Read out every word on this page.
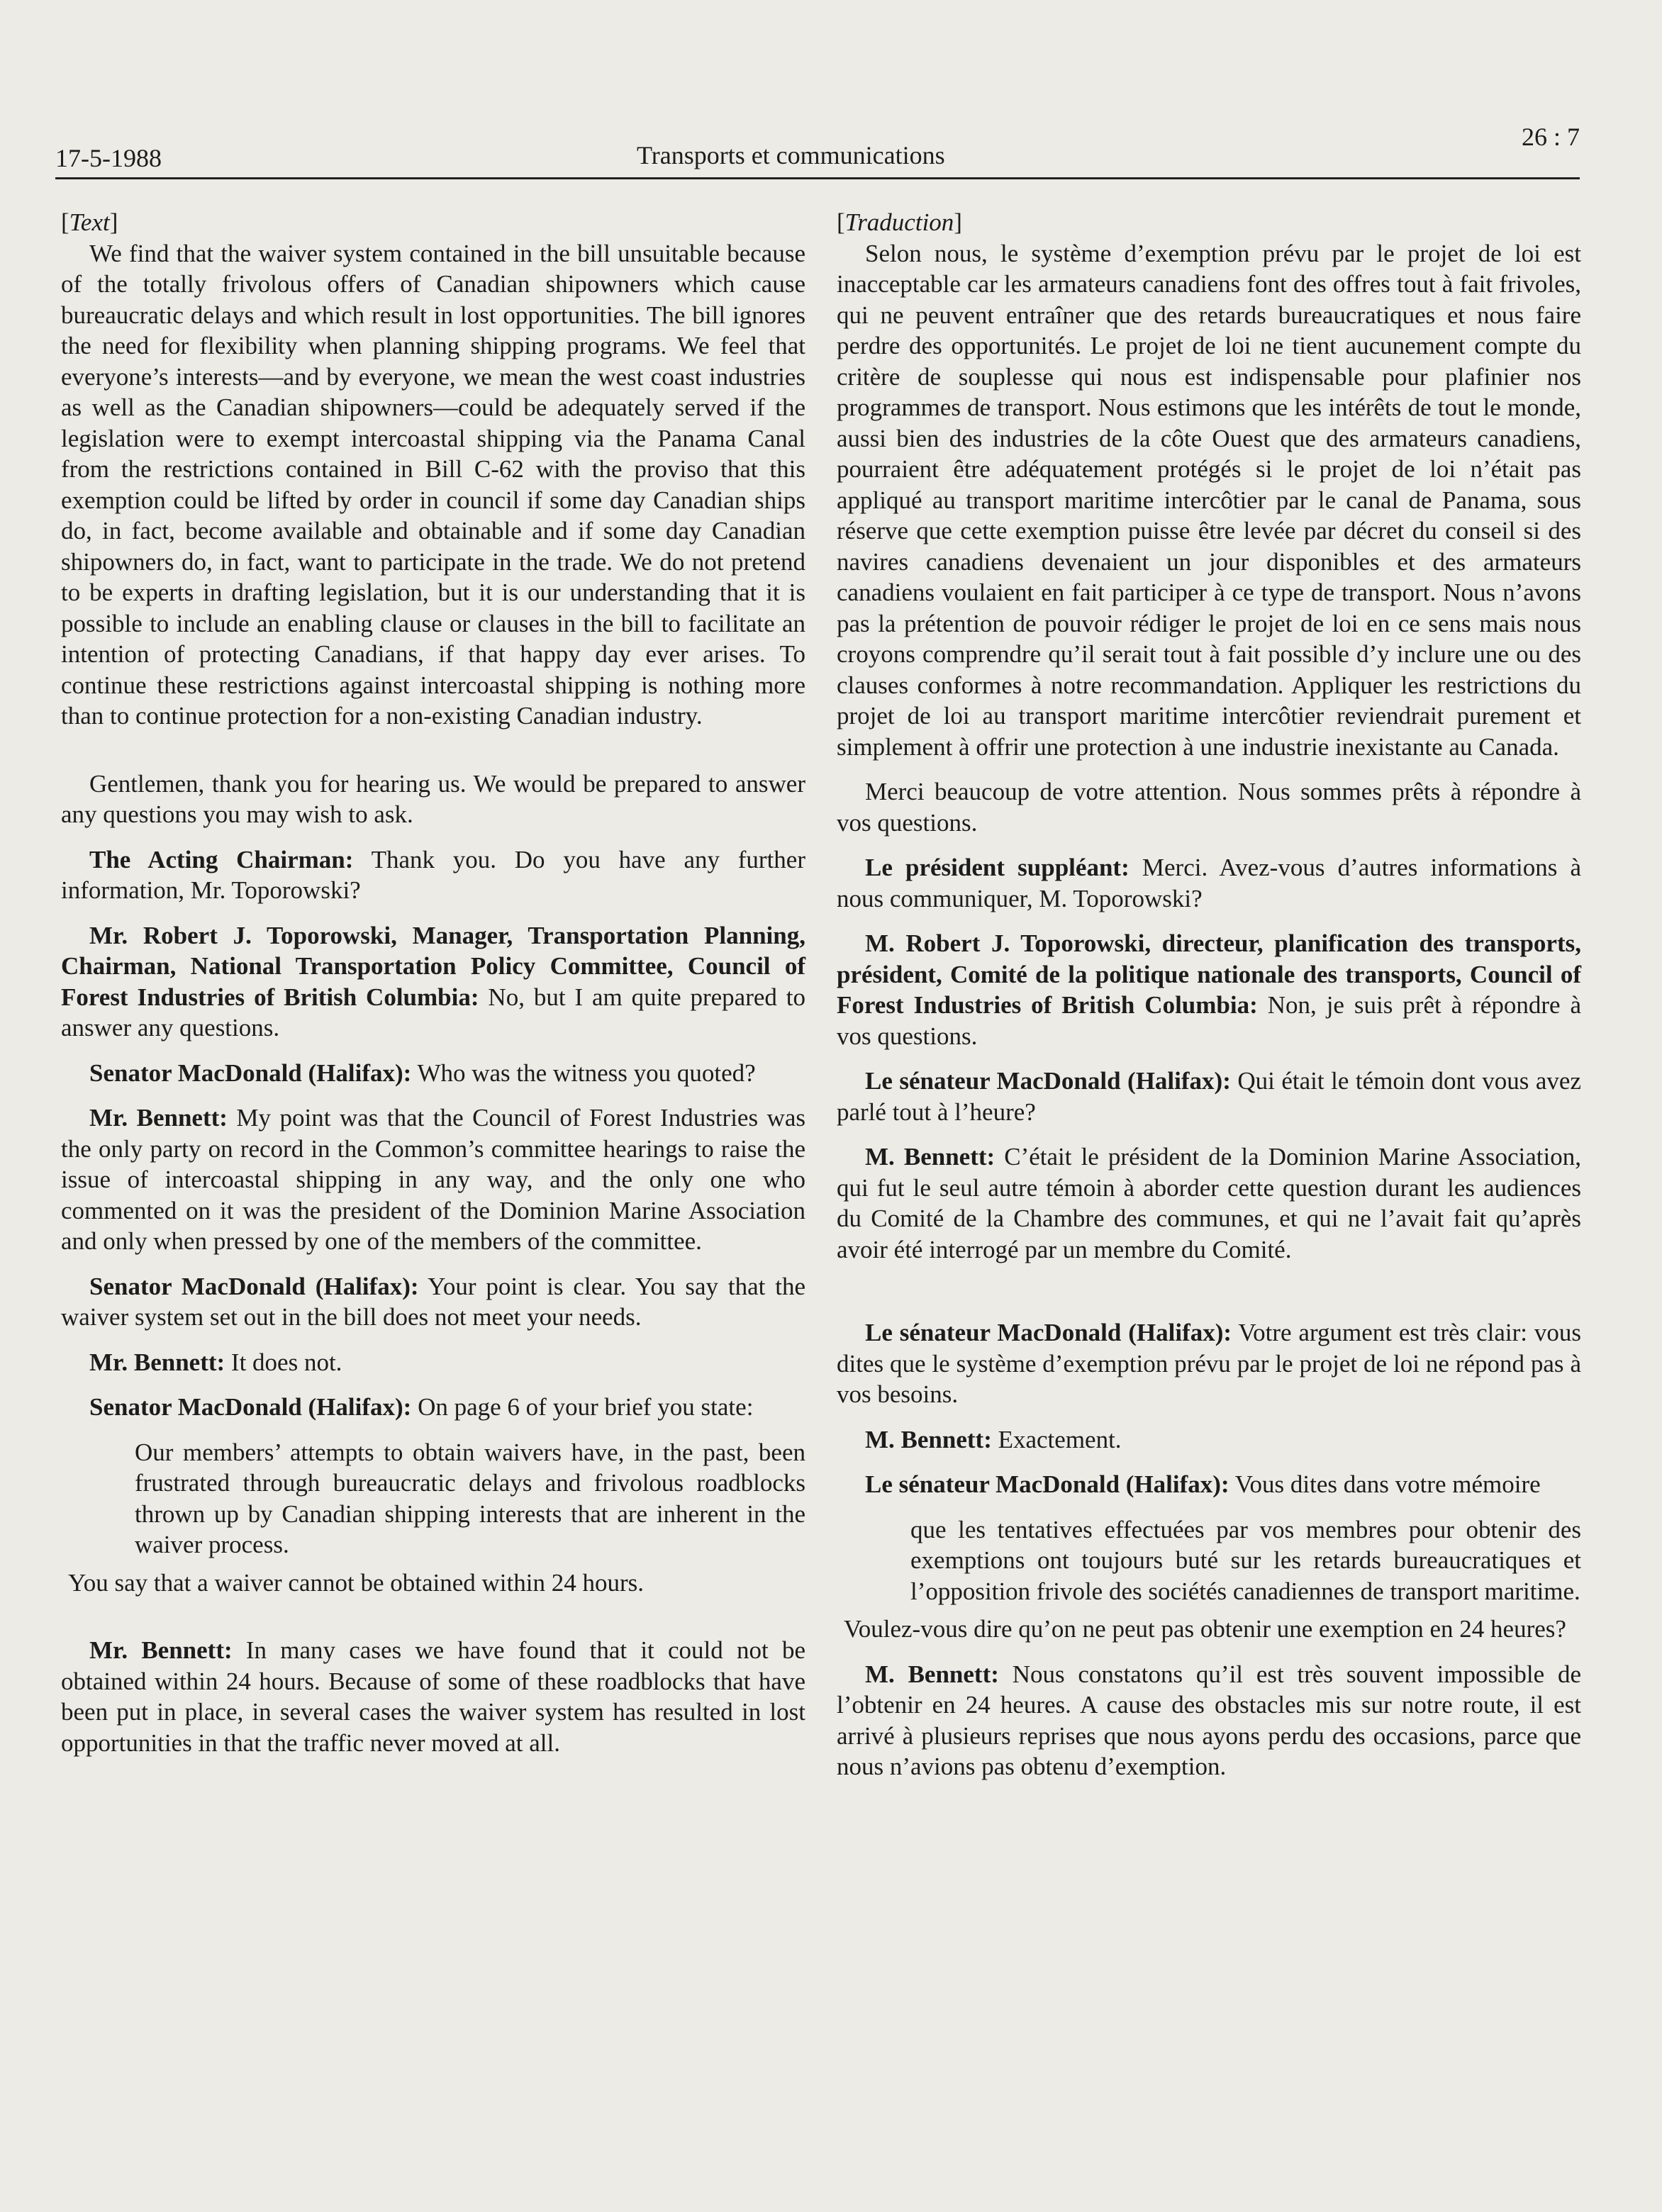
17-5-1988	Transports et communications
26 : 7

[Text]

We find that the waiver system contained in the bill unsuitable because of the totally frivolous offers of Canadian shipowners which cause bureaucratic delays and which result in lost opportunities. The bill ignores the need for flexibility when planning shipping programs. We feel that everyone’s interests—and by everyone, we mean the west coast industries as well as the Canadian shipowners—could be adequately served if the legislation were to exempt intercoastal shipping via the Panama Canal from the restrictions contained in Bill C-62 with the proviso that this exemption could be lifted by order in council if some day Canadian ships do, in fact, become available and obtainable and if some day Canadian shipowners do, in fact, want to participate in the trade. We do not pretend to be experts in drafting legislation, but it is our understanding that it is possible to include an enabling clause or clauses in the bill to facilitate an intention of protecting Canadians, if that happy day ever arises. To continue these restrictions against intercoastal shipping is nothing more than to continue protection for a non-existing Canadian industry.

Gentlemen, thank you for hearing us. We would be prepared to answer any questions you may wish to ask.

The Acting Chairman: Thank you. Do you have any further information, Mr. Toporowski?

Mr. Robert J. Toporowski, Manager, Transportation Planning, Chairman, National Transportation Policy Committee, Council of Forest Industries of British Columbia: No, but I am quite prepared to answer any questions.

Senator MacDonald (Halifax): Who was the witness you quoted?

Mr. Bennett: My point was that the Council of Forest Industries was the only party on record in the Common’s committee hearings to raise the issue of intercoastal shipping in any way, and the only one who commented on it was the president of the Dominion Marine Association and only when pressed by one of the members of the committee.

Senator MacDonald (Halifax): Your point is clear. You say that the waiver system set out in the bill does not meet your needs.

Mr. Bennett: It does not.

Senator MacDonald (Halifax): On page 6 of your brief you state:

Our members’ attempts to obtain waivers have, in the past, been frustrated through bureaucratic delays and frivolous roadblocks thrown up by Canadian shipping interests that are inherent in the waiver process.

You say that a waiver cannot be obtained within 24 hours.

Mr. Bennett: In many cases we have found that it could not be obtained within 24 hours. Because of some of these roadblocks that have been put in place, in several cases the waiver system has resulted in lost opportunities in that the traffic never moved at all.

[Traduction]

Selon nous, le système d’exemption prévu par le projet de loi est inacceptable car les armateurs canadiens font des offres tout à fait frivoles, qui ne peuvent entraîner que des retards bureaucratiques et nous faire perdre des opportunités. Le projet de loi ne tient aucunement compte du critère de souplesse qui nous est indispensable pour plafinier nos programmes de transport. Nous estimons que les intérêts de tout le monde, aussi bien des industries de la côte Ouest que des armateurs canadiens, pourraient être adéquatement protégés si le projet de loi n’était pas appliqué au transport maritime intercôtier par le canal de Panama, sous réserve que cette exemption puisse être levée par décret du conseil si des navires canadiens devenaient un jour disponibles et des armateurs canadiens voulaient en fait participer à ce type de transport. Nous n’avons pas la prétention de pouvoir rédiger le projet de loi en ce sens mais nous croyons comprendre qu’il serait tout à fait possible d’y inclure une ou des clauses conformes à notre recommandation. Appliquer les restrictions du projet de loi au transport maritime intercôtier reviendrait purement et simplement à offrir une protection à une industrie inexistante au Canada.

Merci beaucoup de votre attention. Nous sommes prêts à répondre à vos questions.

Le président suppléant: Merci. Avez-vous d’autres informations à nous communiquer, M. Toporowski?

M. Robert J. Toporowski, directeur, planification des transports, président, Comité de la politique nationale des transports, Council of Forest Industries of British Columbia: Non, je suis prêt à répondre à vos questions.

Le sénateur MacDonald (Halifax): Qui était le témoin dont vous avez parlé tout à l’heure?

M. Bennett: C’était le président de la Dominion Marine Association, qui fut le seul autre témoin à aborder cette question durant les audiences du Comité de la Chambre des communes, et qui ne l’avait fait qu’après avoir été interrogé par un membre du Comité.

Le sénateur MacDonald (Halifax): Votre argument est très clair: vous dites que le système d’exemption prévu par le projet de loi ne répond pas à vos besoins.

M. Bennett: Exactement.

Le sénateur MacDonald (Halifax): Vous dites dans votre mémoire

que les tentatives effectuées par vos membres pour obtenir des exemptions ont toujours buté sur les retards bureaucratiques et l’opposition frivole des sociétés canadiennes de transport maritime.

Voulez-vous dire qu’on ne peut pas obtenir une exemption en 24 heures?

M. Bennett: Nous constatons qu’il est très souvent impossible de l’obtenir en 24 heures. A cause des obstacles mis sur notre route, il est arrivé à plusieurs reprises que nous ayons perdu des occasions, parce que nous n’avions pas obtenu d’exemption.
